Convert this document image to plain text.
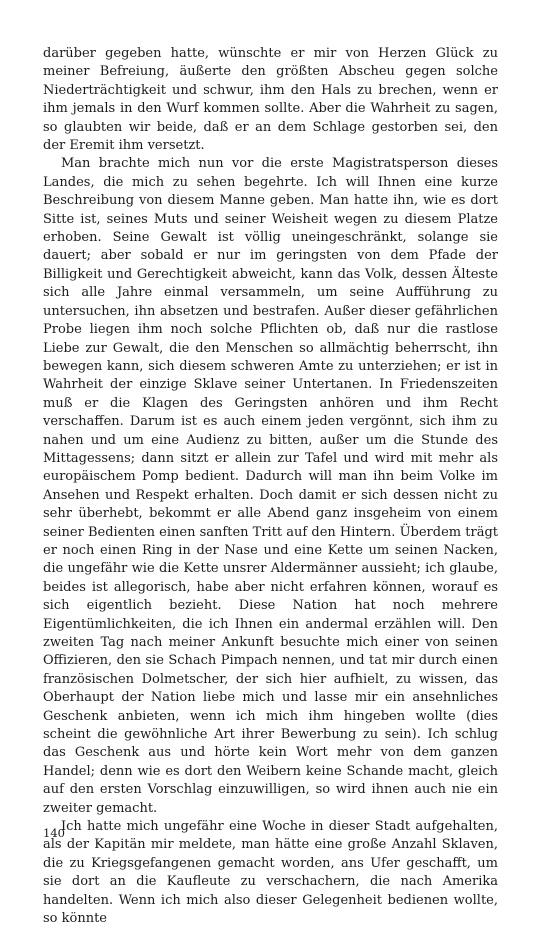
darüber gegeben hatte, wünschte er mir von Herzen Glück zu meiner Befreiung, äußerte den größten Abscheu gegen solche Niederträchtigkeit und schwur, ihm den Hals zu brechen, wenn er ihm jemals in den Wurf kommen sollte. Aber die Wahrheit zu sagen, so glaubten wir beide, daß er an dem Schlage gestorben sei, den der Eremit ihm versetzt.

Man brachte mich nun vor die erste Magistratsperson dieses Landes, die mich zu sehen begehrte. Ich will Ihnen eine kurze Beschreibung von diesem Manne geben. Man hatte ihn, wie es dort Sitte ist, seines Muts und seiner Weisheit wegen zu diesem Platze erhoben. Seine Gewalt ist völlig uneingeschränkt, solange sie dauert; aber sobald er nur im geringsten von dem Pfade der Billigkeit und Gerechtigkeit abweicht, kann das Volk, dessen Älteste sich alle Jahre einmal versammeln, um seine Aufführung zu untersuchen, ihn absetzen und bestrafen. Außer dieser gefährlichen Probe liegen ihm noch solche Pflichten ob, daß nur die rastlose Liebe zur Gewalt, die den Menschen so allmächtig beherrscht, ihn bewegen kann, sich diesem schweren Amte zu unterziehen; er ist in Wahrheit der einzige Sklave seiner Untertanen. In Friedenszeiten muß er die Klagen des Geringsten anhören und ihm Recht verschaffen. Darum ist es auch einem jeden vergönnt, sich ihm zu nahen und um eine Audienz zu bitten, außer um die Stunde des Mittagessens; dann sitzt er allein zur Tafel und wird mit mehr als europäischem Pomp bedient. Dadurch will man ihn beim Volke im Ansehen und Respekt erhalten. Doch damit er sich dessen nicht zu sehr überhebt, bekommt er alle Abend ganz insgeheim von einem seiner Bedienten einen sanften Tritt auf den Hintern. Überdem trägt er noch einen Ring in der Nase und eine Kette um seinen Nacken, die ungefähr wie die Kette unsrer Aldermänner aussieht; ich glaube, beides ist allegorisch, habe aber nicht erfahren können, worauf es sich eigentlich bezieht. Diese Nation hat noch mehrere Eigentümlichkeiten, die ich Ihnen ein andermal erzählen will. Den zweiten Tag nach meiner Ankunft besuchte mich einer von seinen Offizieren, den sie Schach Pimpach nennen, und tat mir durch einen französischen Dolmetscher, der sich hier aufhielt, zu wissen, das Oberhaupt der Nation liebe mich und lasse mir ein ansehnliches Geschenk anbieten, wenn ich mich ihm hingeben wollte (dies scheint die gewöhnliche Art ihrer Bewerbung zu sein). Ich schlug das Geschenk aus und hörte kein Wort mehr von dem ganzen Handel; denn wie es dort den Weibern keine Schande macht, gleich auf den ersten Vorschlag einzuwilligen, so wird ihnen auch nie ein zweiter gemacht.

Ich hatte mich ungefähr eine Woche in dieser Stadt aufgehalten, als der Kapitän mir meldete, man hätte eine große Anzahl Sklaven, die zu Kriegsgefangenen gemacht worden, ans Ufer geschafft, um sie dort an die Kaufleute zu verschachern, die nach Amerika handelten. Wenn ich mich also dieser Gelegenheit bedienen wollte, so könnte

140
